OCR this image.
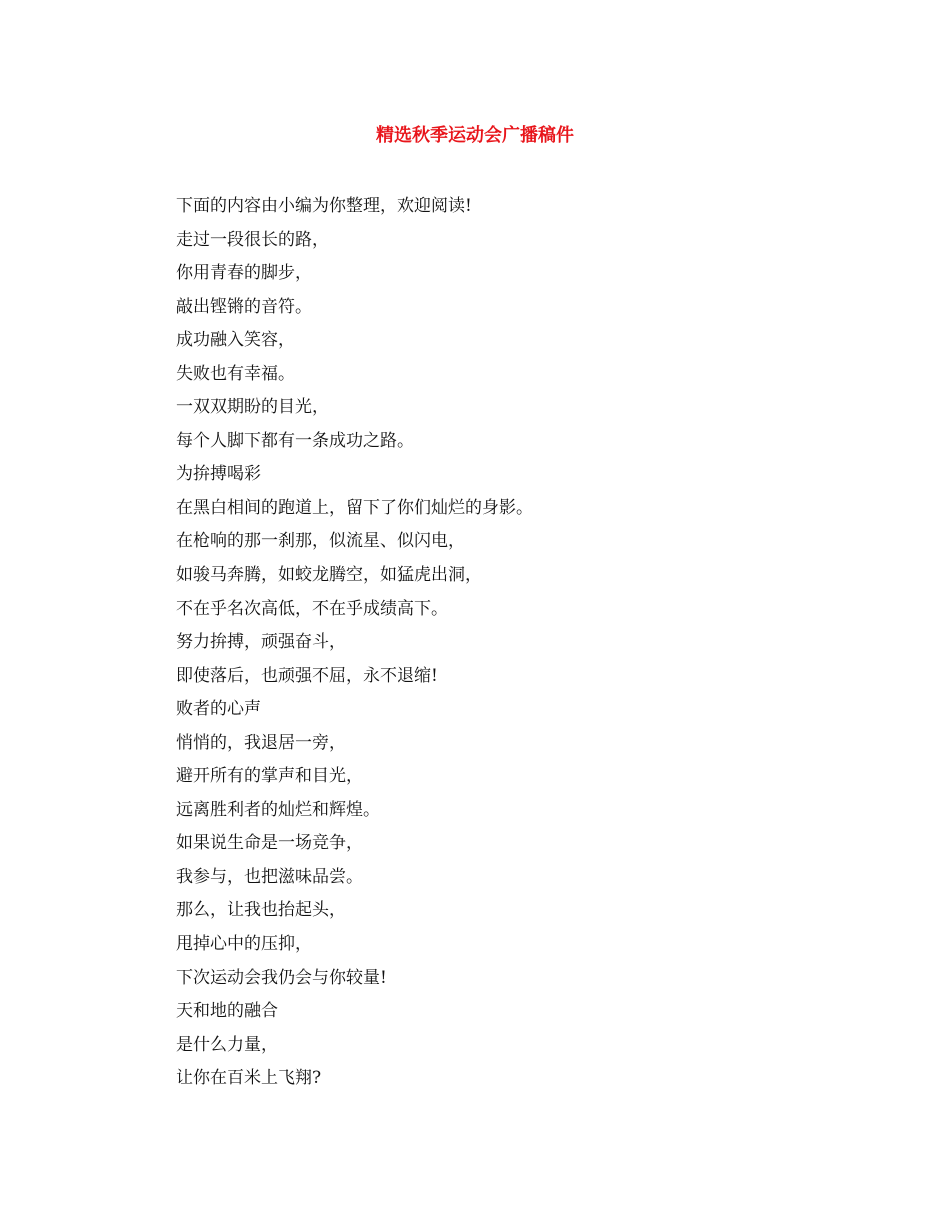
精选秋季运动会广播稿件
下面的内容由小编为你整理，欢迎阅读!
走过一段很长的路，
你用青春的脚步，
敲出铿锵的音符。
成功融入笑容，
失败也有幸福。
一双双期盼的目光，
每个人脚下都有一条成功之路。
为拚搏喝彩
在黑白相间的跑道上，留下了你们灿烂的身影。
在枪响的那一刹那，似流星、似闪电，
如骏马奔腾，如蛟龙腾空，如猛虎出洞，
不在乎名次高低，不在乎成绩高下。
努力拚搏，顽强奋斗，
即使落后，也顽强不屈，永不退缩!
败者的心声
悄悄的，我退居一旁，
避开所有的掌声和目光，
远离胜利者的灿烂和辉煌。
如果说生命是一场竞争，
我参与，也把滋味品尝。
那么，让我也抬起头，
甩掉心中的压抑，
下次运动会我仍会与你较量!
天和地的融合
是什么力量，
让你在百米上飞翔?
